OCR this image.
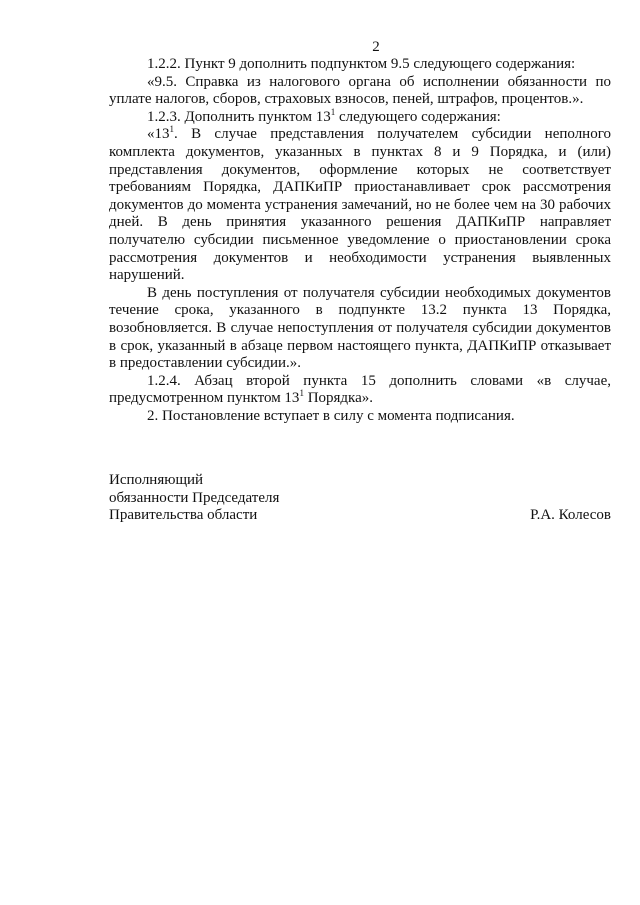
2

1.2.2. Пункт 9 дополнить подпунктом 9.5 следующего содержания:

«9.5. Справка из налогового органа об исполнении обязанности по уплате налогов, сборов, страховых взносов, пеней, штрафов, процентов.».

1.2.3. Дополнить пунктом $13^1$ следующего содержания:

«$13^1$. В случае представления получателем субсидии неполного комплекта документов, указанных в пунктах 8 и 9 Порядка, и (или) представления документов, оформление которых не соответствует требованиям Порядка, ДАПКиПР приостанавливает срок рассмотрения документов до момента устранения замечаний, но не более чем на 30 рабочих дней. В день принятия указанного решения ДАПКиПР направляет получателю субсидии письменное уведомление о приостановлении срока рассмотрения документов и необходимости устранения выявленных нарушений.

В день поступления от получателя субсидии необходимых документов течение срока, указанного в подпункте 13.2 пункта 13 Порядка, возобновляется. В случае непоступления от получателя субсидии документов в срок, указанный в абзаце первом настоящего пункта, ДАПКиПР отказывает в предоставлении субсидии.».

1.2.4. Абзац второй пункта 15 дополнить словами «в случае, предусмотренном пунктом $13^1$ Порядка».

2. Постановление вступает в силу с момента подписания.

Исполняющий

обязанности Председателя

Правительства области	Р.А. Колесов
